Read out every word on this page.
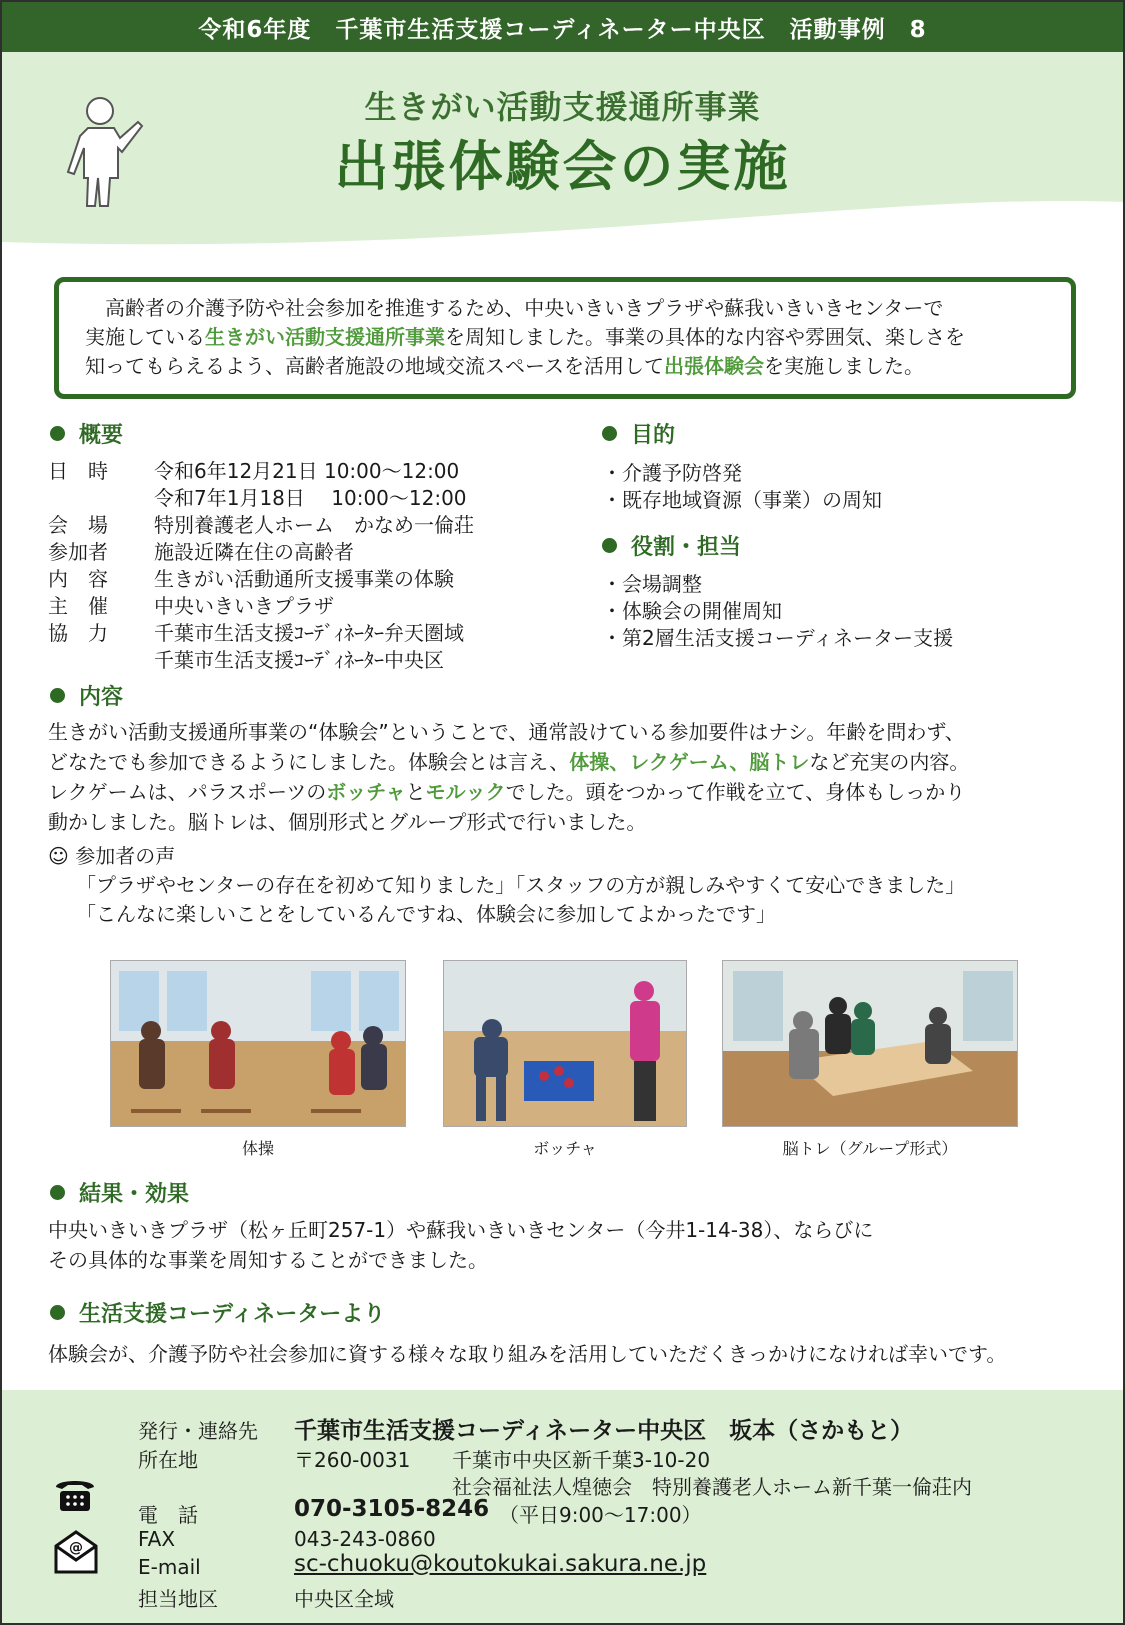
令和6年度　千葉市生活支援コーディネーター中央区　活動事例　8
生きがい活動支援通所事業
出張体験会の実施

　高齢者の介護予防や社会参加を推進するため、中央いきいきプラザや蘇我いきいきセンターで

実施している生きがい活動支援通所事業を周知しました。事業の具体的な内容や雰囲気、楽しさを

知ってもらえるよう、高齢者施設の地域交流スペースを活用して出張体験会を実施しました。

概要
日　時	令和6年12月21日 10:00～12:00
令和7年1月18日　 10:00～12:00
会　場	特別養護老人ホーム　かなめ一倫荘
参加者	施設近隣在住の高齢者
内　容	生きがい活動通所支援事業の体験
主　催	中央いきいきプラザ
協　力	千葉市生活支援ｺｰﾃﾞｨﾈｰﾀｰ弁天圏域
千葉市生活支援ｺｰﾃﾞｨﾈｰﾀｰ中央区
目的
・介護予防啓発
・既存地域資源（事業）の周知
役割・担当
・会場調整
・体験会の開催周知
・第2層生活支援コーディネーター支援
内容
生きがい活動支援通所事業の“体験会”ということで、通常設けている参加要件はナシ。年齢を問わず、
どなたでも参加できるようにしました。体験会とは言え、体操、レクゲーム、脳トレなど充実の内容。
レクゲームは、パラスポーツのボッチャとモルックでした。頭をつかって作戦を立て、身体もしっかり
動かしました。脳トレは、個別形式とグループ形式で行いました。
☺ 参加者の声
「プラザやセンターの存在を初めて知りました」「スタッフの方が親しみやすくて安心できました」
「こんなに楽しいことをしているんですね、体験会に参加してよかったです」
体操	ボッチャ	脳トレ（グループ形式）
結果・効果
中央いきいきプラザ（松ヶ丘町257-1）や蘇我いきいきセンター（今井1-14-38）、ならびに
その具体的な事業を周知することができました。
生活支援コーディネーターより
体験会が、介護予防や社会参加に資する様々な取り組みを活用していただくきっかけになければ幸いです。
@
発行・連絡先 千葉市生活支援コーディネーター中央区　坂本（さかもと）
所在地	〒260-0031 千葉市中央区新千葉3-10-20
社会福祉法人煌徳会　特別養護老人ホーム新千葉一倫荘内
電　話	070-3105-8246 （平日9:00～17:00）
FAX	043-243-0860
E-mail	sc-chuoku@koutokukai.sakura.ne.jp
担当地区	中央区全域
